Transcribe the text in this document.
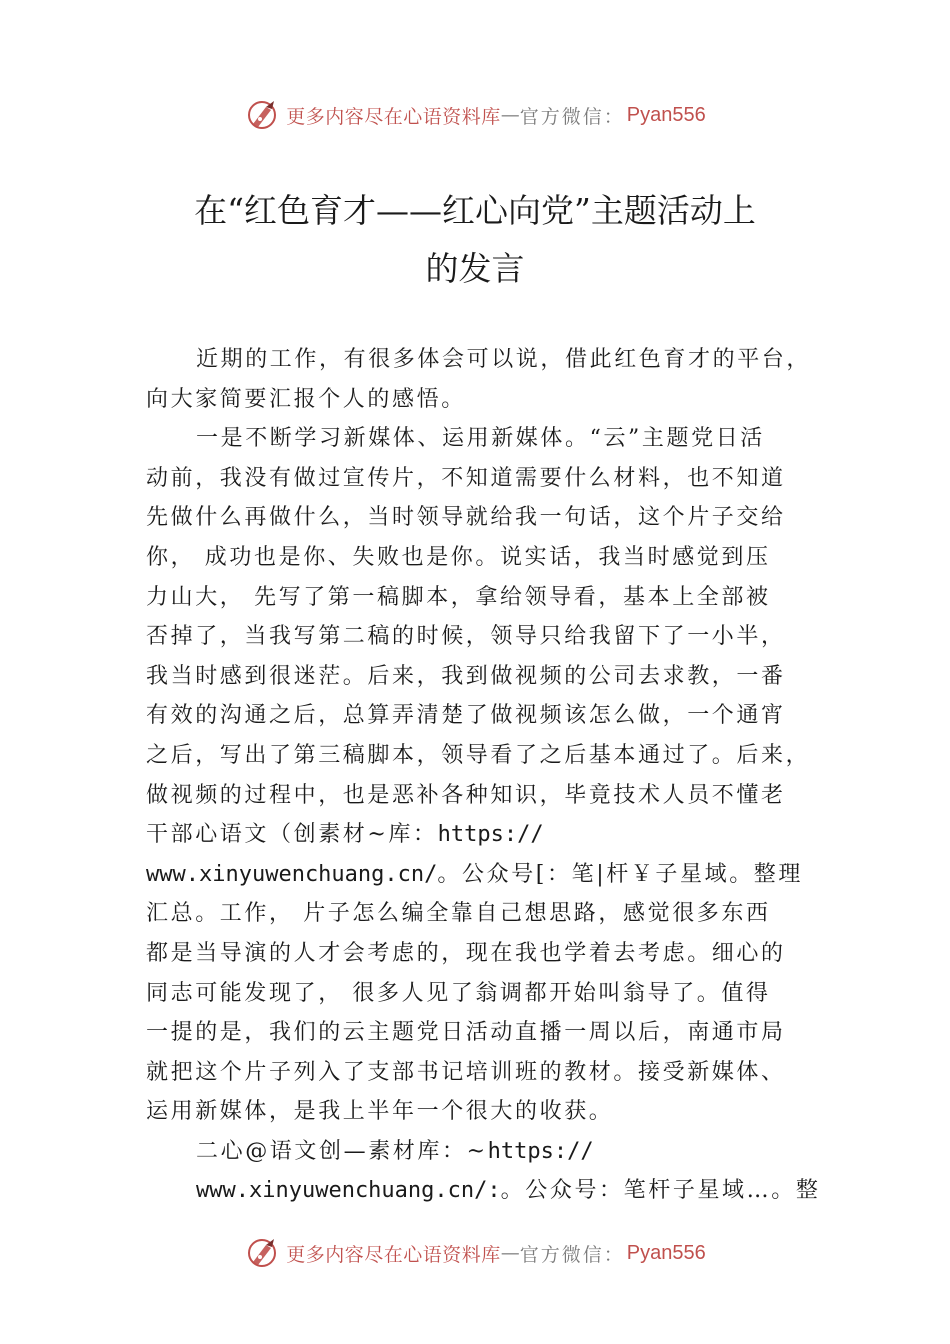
更多内容尽在心语资料库 — 官方微信： Pyan556
在“红色育才——红心向党”主题活动上
的发言

近期的工作，有很多体会可以说，借此红色育才的平台，

向大家简要汇报个人的感悟。

一是不断学习新媒体、运用新媒体。“云”主题党日活

动前，我没有做过宣传片，不知道需要什么材料，也不知道

先做什么再做什么，当时领导就给我一句话，这个片子交给

你， 成功也是你、失败也是你。说实话，我当时感觉到压

力山大， 先写了第一稿脚本，拿给领导看，基本上全部被

否掉了，当我写第二稿的时候，领导只给我留下了一小半，

我当时感到很迷茫。后来，我到做视频的公司去求教，一番

有效的沟通之后，总算弄清楚了做视频该怎么做，一个通宵

之后，写出了第三稿脚本，领导看了之后基本通过了。后来，

做视频的过程中，也是恶补各种知识，毕竟技术人员不懂老

干部心语文（创素材~库：https://

www.xinyuwenchuang.cn/。公众号[：笔|杆￥子星域。整理

汇总。工作， 片子怎么编全靠自己想思路，感觉很多东西

都是当导演的人才会考虑的，现在我也学着去考虑。细心的

同志可能发现了， 很多人见了翁调都开始叫翁导了。值得

一提的是，我们的云主题党日活动直播一周以后，南通市局

就把这个片子列入了支部书记培训班的教材。接受新媒体、

运用新媒体，是我上半年一个很大的收获。

二心@语文创—素材库：~https://

www.xinyuwenchuang.cn/:。公众号：笔杆子星域…。整

更多内容尽在心语资料库 — 官方微信： Pyan556
